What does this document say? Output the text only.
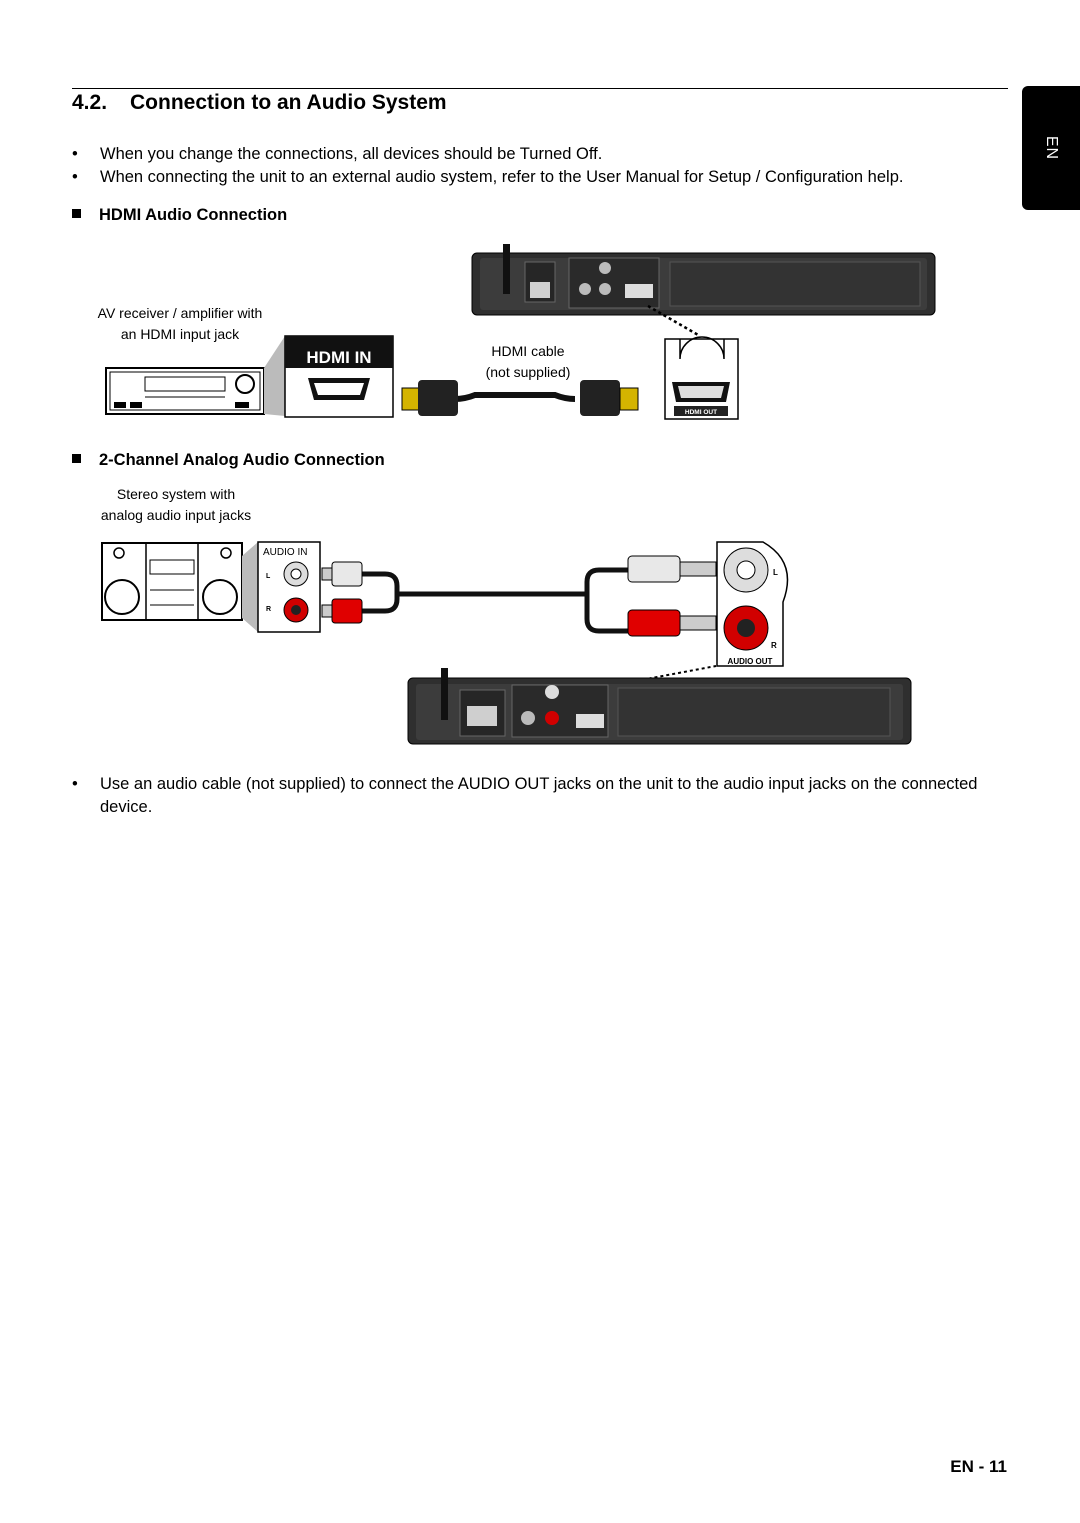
EN
4.2. Connection to an Audio System
• When you change the connections, all devices should be Turned Off.
• When connecting the unit to an external audio system, refer to the User Manual for Setup / Configuration help.
HDMI Audio Connection
AV receiver / amplifier with
an HDMI input jack
HDMI cable
(not supplied)
HDMI OUT
HDMI IN
2-Channel Analog Audio Connection
Stereo system with
analog audio input jacks
AUDIO IN
L
R
L
R
AUDIO OUT
• Use an audio cable (not supplied) to connect the AUDIO OUT jacks on the unit to the audio input jacks on the connected device.
EN - 11
